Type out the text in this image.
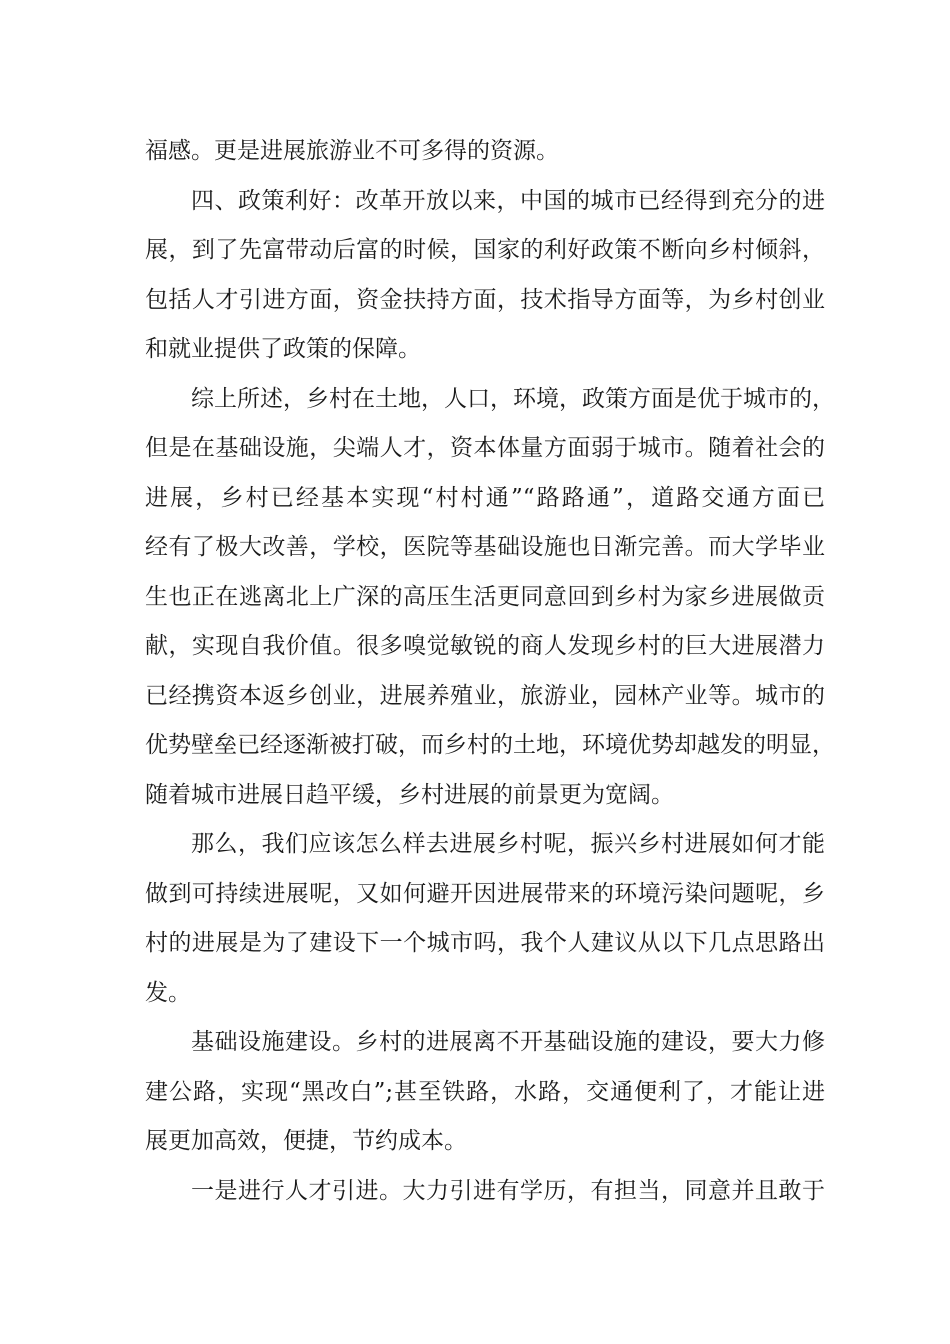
福感。更是进展旅游业不可多得的资源。
四、政策利好：改革开放以来，中国的城市已经得到充分的进
展，到了先富带动后富的时候，国家的利好政策不断向乡村倾斜，
包括人才引进方面，资金扶持方面，技术指导方面等，为乡村创业
和就业提供了政策的保障。
综上所述，乡村在土地，人口，环境，政策方面是优于城市的，
但是在基础设施，尖端人才，资本体量方面弱于城市。随着社会的
进展，乡村已经基本实现“村村通”“路路通”，道路交通方面已
经有了极大改善，学校，医院等基础设施也日渐完善。而大学毕业
生也正在逃离北上广深的高压生活更同意回到乡村为家乡进展做贡
献，实现自我价值。很多嗅觉敏锐的商人发现乡村的巨大进展潜力
已经携资本返乡创业，进展养殖业，旅游业，园林产业等。城市的
优势壁垒已经逐渐被打破，而乡村的土地，环境优势却越发的明显，
随着城市进展日趋平缓，乡村进展的前景更为宽阔。
那么，我们应该怎么样去进展乡村呢，振兴乡村进展如何才能
做到可持续进展呢，又如何避开因进展带来的环境污染问题呢，乡
村的进展是为了建设下一个城市吗，我个人建议从以下几点思路出
发。
基础设施建设。乡村的进展离不开基础设施的建设，要大力修
建公路，实现“黑改白”;甚至铁路，水路，交通便利了，才能让进
展更加高效，便捷，节约成本。
一是进行人才引进。大力引进有学历，有担当，同意并且敢于
